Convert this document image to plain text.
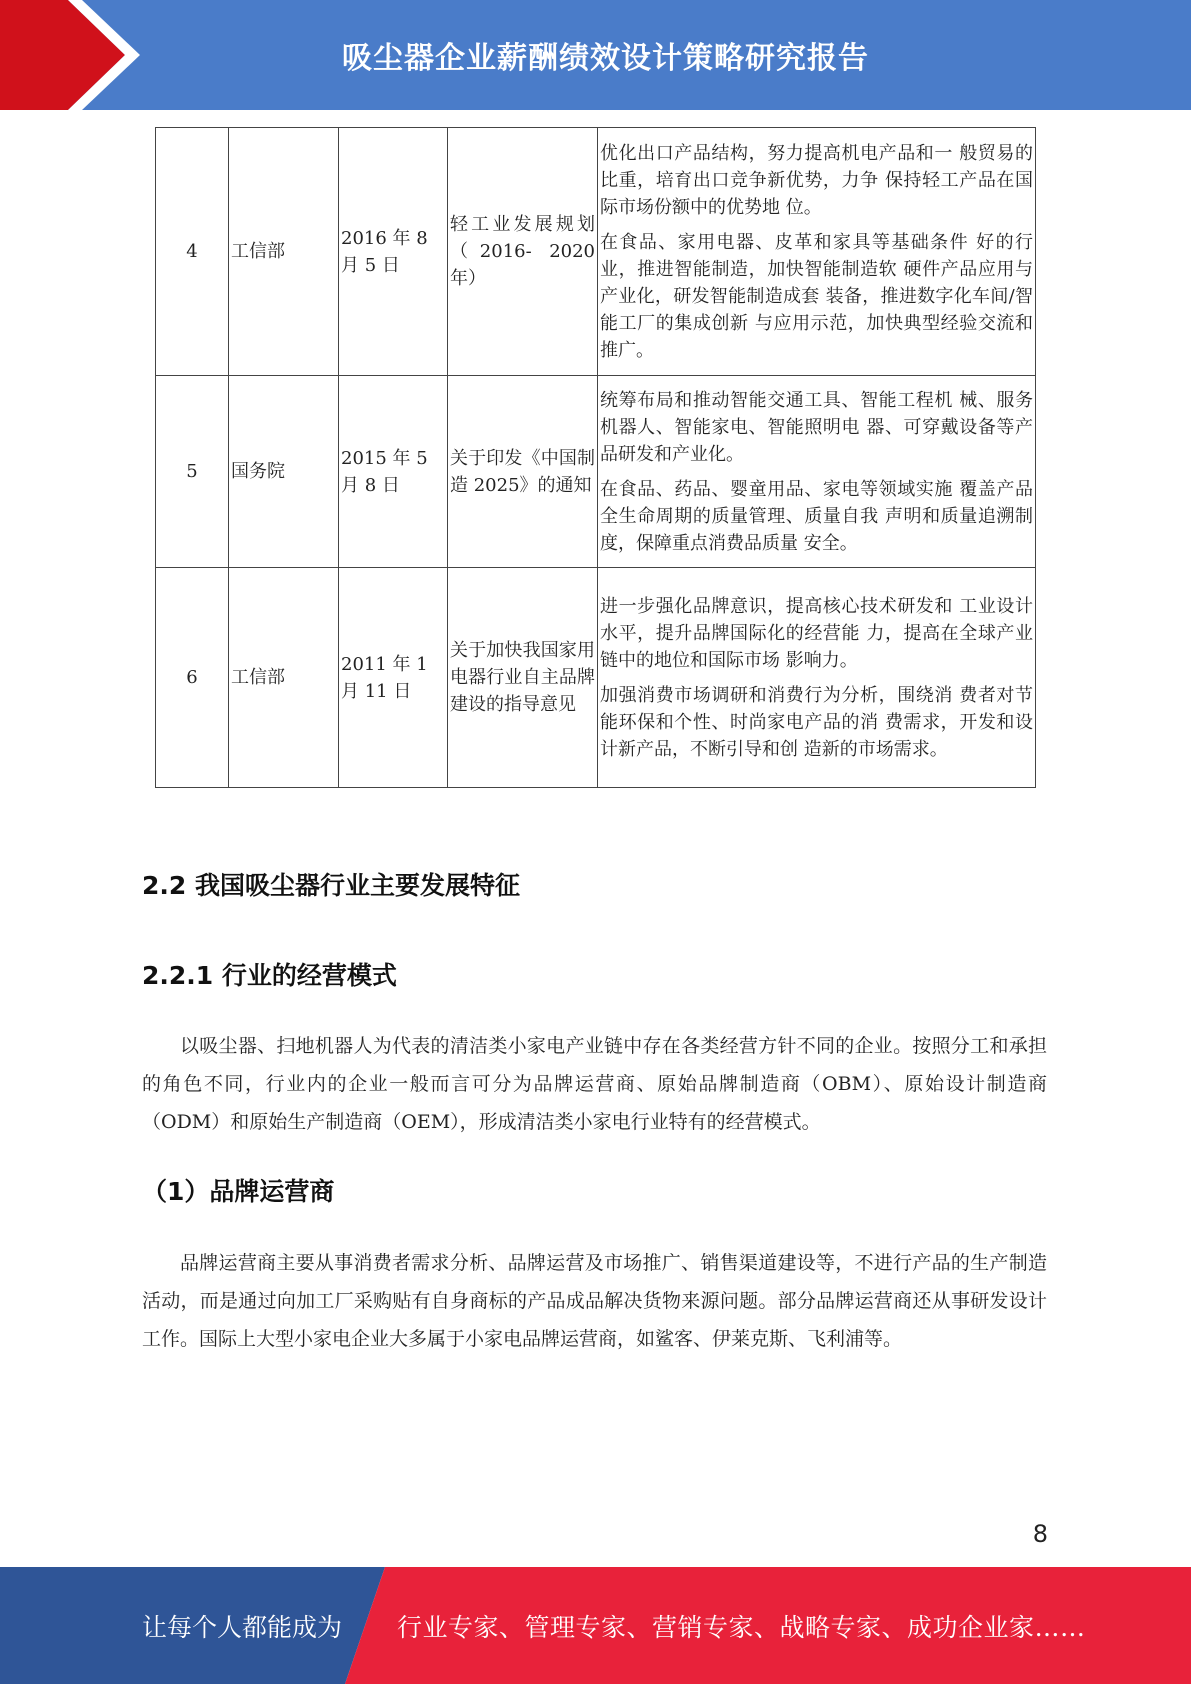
吸尘器企业薪酬绩效设计策略研究报告
4	工信部	2016 年 8 月 5 日	轻工业发展规划（2016- 2020年）	优化出口产品结构，努力提高机电产品和一 般贸易的比重，培育出口竞争新优势，力争 保持轻工产品在国际市场份额中的优势地 位。

在食品、家用电器、皮革和家具等基础条件 好的行业，推进智能制造，加快智能制造软 硬件产品应用与产业化，研发智能制造成套 装备，推进数字化车间/智能工厂的集成创新 与应用示范，加快典型经验交流和推广。

5	国务院	2015 年 5 月 8 日	关于印发《中国制造 2025》的通知	统筹布局和推动智能交通工具、智能工程机 械、服务机器人、智能家电、智能照明电 器、可穿戴设备等产品研发和产业化。

在食品、药品、婴童用品、家电等领域实施 覆盖产品全生命周期的质量管理、质量自我 声明和质量追溯制度，保障重点消费品质量 安全。

6	工信部	2011 年 1 月 11 日	关于加快我国家用电器行业自主品牌建设的指导意见	进一步强化品牌意识，提高核心技术研发和 工业设计水平，提升品牌国际化的经营能 力，提高在全球产业链中的地位和国际市场 影响力。

加强消费市场调研和消费行为分析，围绕消 费者对节能环保和个性、时尚家电产品的消 费需求，开发和设计新产品，不断引导和创 造新的市场需求。

2.2 我国吸尘器行业主要发展特征
2.2.1 行业的经营模式
以吸尘器、扫地机器人为代表的清洁类小家电产业链中存在各类经营方针不同的企业。按照分工和承担的角色不同，行业内的企业一般而言可分为品牌运营商、原始品牌制造商（OBM）、原始设计制造商（ODM）和原始生产制造商（OEM），形成清洁类小家电行业特有的经营模式。
（1）品牌运营商
品牌运营商主要从事消费者需求分析、品牌运营及市场推广、销售渠道建设等，不进行产品的生产制造活动，而是通过向加工厂采购贴有自身商标的产品成品解决货物来源问题。部分品牌运营商还从事研发设计工作。国际上大型小家电企业大多属于小家电品牌运营商，如鲨客、伊莱克斯、飞利浦等。
8
让每个人都能成为 行业专家、管理专家、营销专家、战略专家、成功企业家……
